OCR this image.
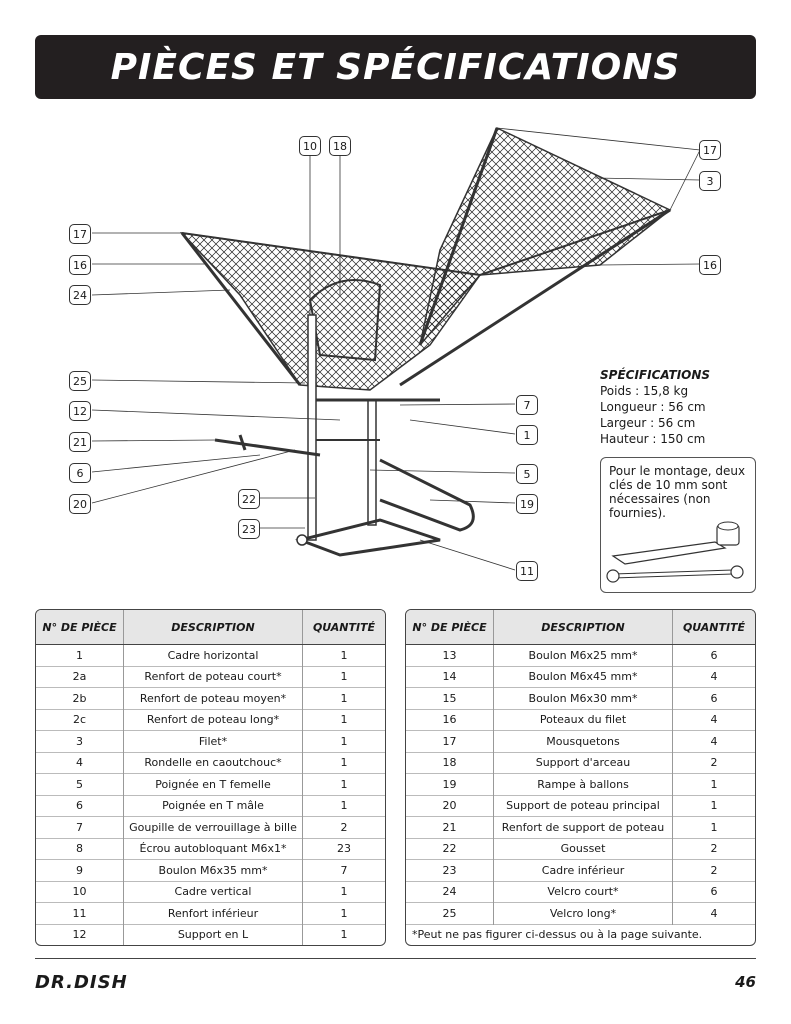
PIÈCES ET SPÉCIFICATIONS
10	18	17
3
17
16	16
24
25
12
21
6
20	22
23
7
1
5
19
11
SPÉCIFICATIONS
Poids : 15,8 kg
Longueur : 56 cm
Largeur : 56 cm
Hauteur : 150 cm

Pour le montage, deux clés de 10 mm sont nécessaires (non fournies).

N° DE PIÈCE	DESCRIPTION	QUANTITÉ
1	Cadre horizontal	1
2a	Renfort de poteau court*	1
2b	Renfort de poteau moyen*	1
2c	Renfort de poteau long*	1
3	Filet*	1
4	Rondelle en caoutchouc*	1
5	Poignée en T femelle	1
6	Poignée en T mâle	1
7	Goupille de verrouillage à bille	2
8	Écrou autobloquant M6x1*	23
9	Boulon M6x35 mm*	7
10	Cadre vertical	1
11	Renfort inférieur	1
12	Support en L	1
N° DE PIÈCE	DESCRIPTION	QUANTITÉ
13	Boulon M6x25 mm*	6
14	Boulon M6x45 mm*	4
15	Boulon M6x30 mm*	6
16	Poteaux du filet	4
17	Mousquetons	4
18	Support d'arceau	2
19	Rampe à ballons	1
20	Support de poteau principal	1
21	Renfort de support de poteau	1
22	Gousset	2
23	Cadre inférieur	2
24	Velcro court*	6
25	Velcro long*	4
*Peut ne pas figurer ci-dessus ou à la page suivante.		
DR.DISH	46
